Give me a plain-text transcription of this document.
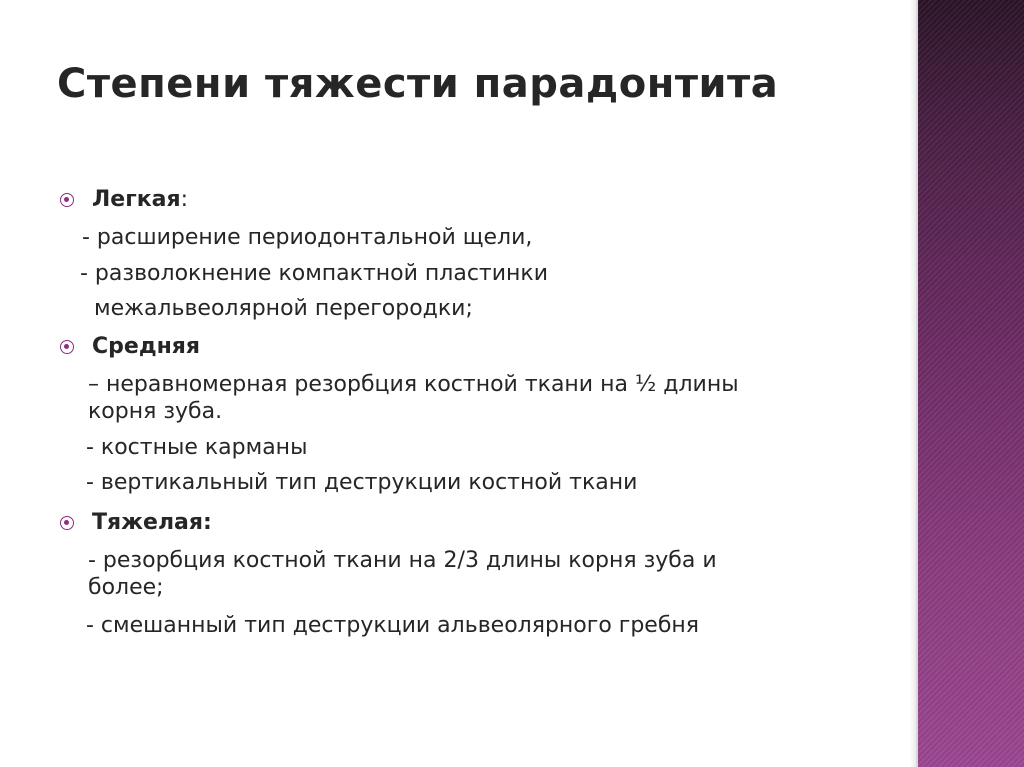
Степени тяжести парадонтита
Легкая:

- расширение периодонтальной щели,

- разволокнение компактной пластинки

межальвеолярной перегородки;

Средняя

– неравномерная резорбция костной ткани на ½ длины

корня зуба.

- костные карманы

- вертикальный тип деструкции костной ткани

Тяжелая:

- резорбция костной ткани на 2/3 длины корня зуба и

более;

- смешанный тип деструкции альвеолярного гребня
